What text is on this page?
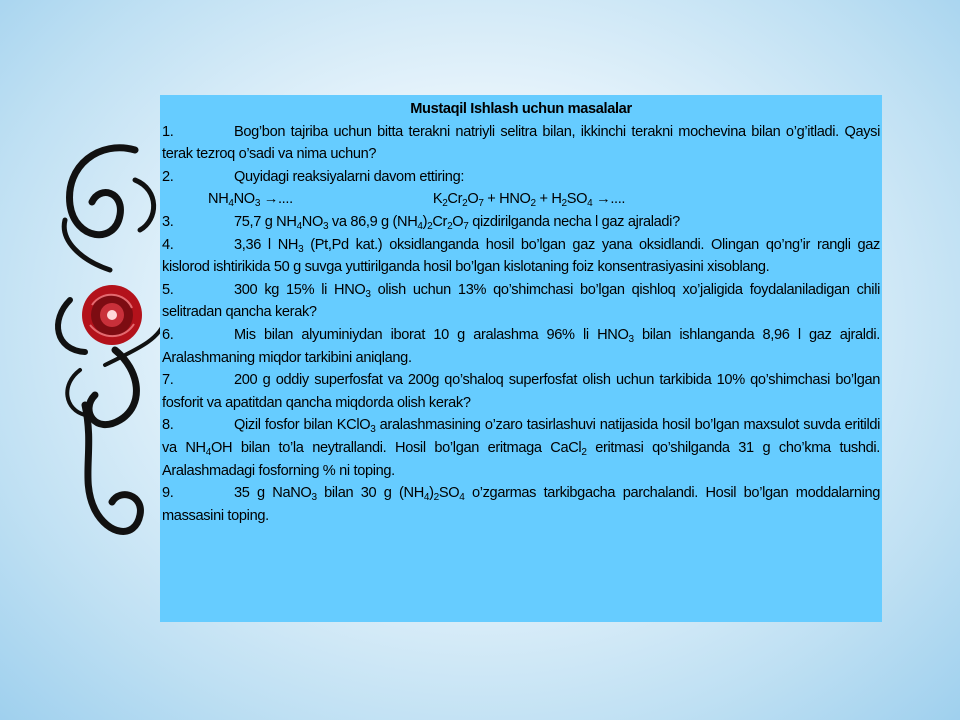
Mustaqil Ishlash uchun masalalar

1.	Bog’bon tajriba uchun bitta terakni natriyli selitra bilan, ikkinchi terakni mochevina bilan o’g’itladi. Qaysi terak tezroq o’sadi va nima uchun?

2.	Quyidagi reaksiyalarni davom ettiring:

$NH_4NO_3$ →....	$K_2Cr_2O_7 + HNO_2 + H_2SO_4$ →....

3.	75,7 g $NH_4NO_3$ va 86,9 g $(NH_4)_2Cr_2O_7$ qizdirilganda necha l gaz ajraladi?

4.	3,36 l $NH_3$ (Pt,Pd kat.) oksidlanganda hosil bo’lgan gaz yana oksidlandi. Olingan qo’ng’ir rangli gaz kislorod ishtirikida 50 g suvga yuttirilganda hosil bo’lgan kislotaning foiz konsentrasiyasini xisoblang.

5.	300 kg 15% li $HNO_3$ olish uchun 13% qo’shimchasi bo’lgan qishloq xo’jaligida foydalaniladigan chili selitradan qancha kerak?

6.	Mis bilan alyuminiydan iborat 10 g aralashma 96% li $HNO_3$ bilan ishlanganda 8,96 l gaz ajraldi. Aralashmaning miqdor tarkibini aniqlang.

7.	200 g oddiy superfosfat va 200g qo’shaloq superfosfat olish uchun tarkibida 10% qo’shimchasi bo’lgan fosforit va apatitdan qancha miqdorda olish kerak?

8.	Qizil fosfor bilan KClO$_3$ aralashmasining o’zaro tasirlashuvi natijasida hosil bo’lgan maxsulot suvda eritildi va $NH_4OH$ bilan to’la neytrallandi. Hosil bo’lgan eritmaga CaCl$_2$ eritmasi qo’shilganda 31 g cho’kma tushdi. Aralashmadagi fosforning % ni toping.

9.	35 g NaNO$_3$ bilan 30 g $(NH_4)_2SO_4$ o’zgarmas tarkibgacha parchalandi. Hosil bo’lgan moddalarning massasini toping.
